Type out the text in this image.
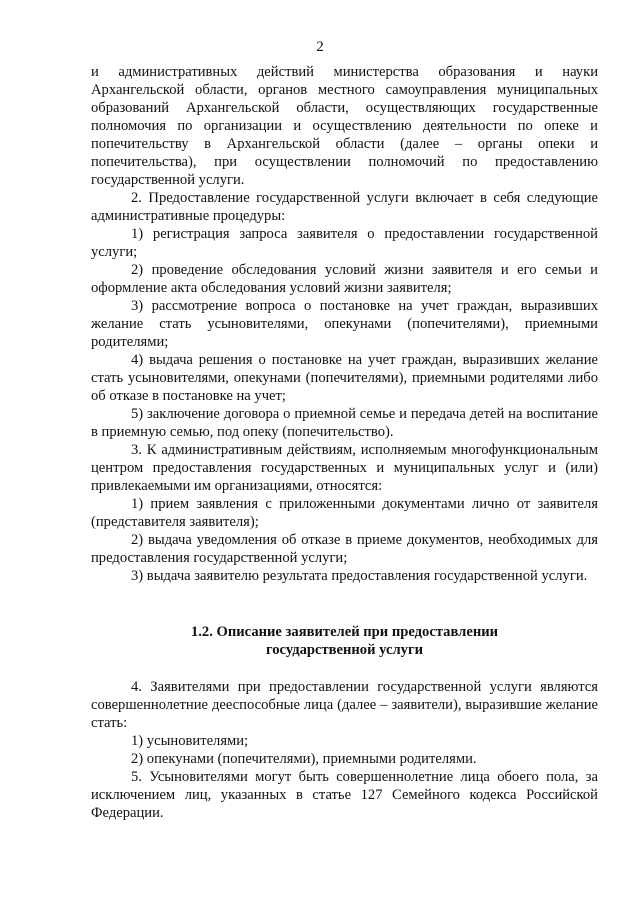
2

и административных действий министерства образования и науки Архангельской области, органов местного самоуправления муниципальных образований Архангельской области, осуществляющих государственные полномочия по организации и осуществлению деятельности по опеке и попечительству в Архангельской области (далее – органы опеки и попечительства), при осуществлении полномочий по предоставлению государственной услуги.

2. Предоставление государственной услуги включает в себя следующие административные процедуры:

1) регистрация запроса заявителя о предоставлении государственной услуги;

2) проведение обследования условий жизни заявителя и его семьи и оформление акта обследования условий жизни заявителя;

3) рассмотрение вопроса о постановке на учет граждан, выразивших желание стать усыновителями, опекунами (попечителями), приемными родителями;

4) выдача решения о постановке на учет граждан, выразивших желание стать усыновителями, опекунами (попечителями), приемными родителями либо об отказе в постановке на учет;

5) заключение договора о приемной семье и передача детей на воспитание в приемную семью, под опеку (попечительство).

3. К административным действиям, исполняемым многофункциональным центром предоставления государственных и муниципальных услуг и (или) привлекаемыми им организациями, относятся:

1) прием заявления с приложенными документами лично от заявителя (представителя заявителя);

2) выдача уведомления об отказе в приеме документов, необходимых для предоставления государственной услуги;

3) выдача заявителю результата предоставления государственной услуги.

1.2. Описание заявителей при предоставлении
государственной услуги

4. Заявителями при предоставлении государственной услуги являются совершеннолетние дееспособные лица (далее – заявители), выразившие желание стать:

1) усыновителями;

2) опекунами (попечителями), приемными родителями.

5. Усыновителями могут быть совершеннолетние лица обоего пола, за исключением лиц, указанных в статье 127 Семейного кодекса Российской Федерации.
